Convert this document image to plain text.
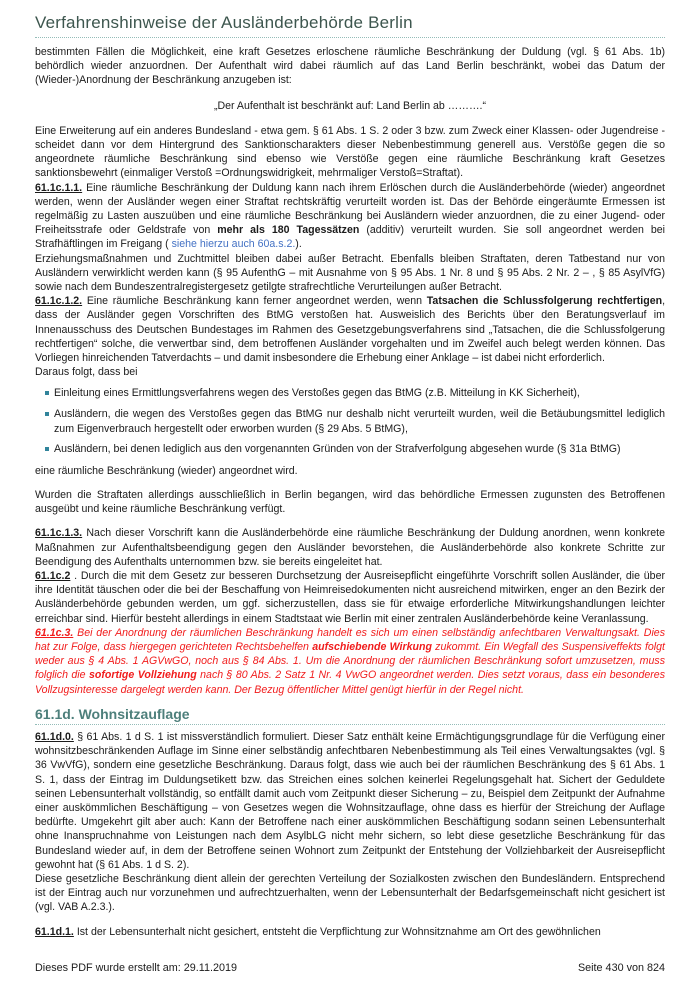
Verfahrenshinweise der Ausländerbehörde Berlin

bestimmten Fällen die Möglichkeit, eine kraft Gesetzes erloschene räumliche Beschränkung der Duldung (vgl. § 61 Abs. 1b) behördlich wieder anzuordnen. Der Aufenthalt wird dabei räumlich auf das Land Berlin beschränkt, wobei das Datum der (Wieder-)Anordnung der Beschränkung anzugeben ist:

„Der Aufenthalt ist beschränkt auf: Land Berlin ab ……….“

Eine Erweiterung auf ein anderes Bundesland - etwa gem. § 61 Abs. 1 S. 2 oder 3 bzw. zum Zweck einer Klassen- oder Jugendreise - scheidet dann vor dem Hintergrund des Sanktionscharakters dieser Nebenbestimmung generell aus. Verstöße gegen die so angeordnete räumliche Beschränkung sind ebenso wie Verstöße gegen eine räumliche Beschränkung kraft Gesetzes sanktionsbewehrt (einmaliger Verstoß =Ordnungswidrigkeit, mehrmaliger Verstoß=Straftat).

61.1c.1.1. Eine räumliche Beschränkung der Duldung kann nach ihrem Erlöschen durch die Ausländerbehörde (wieder) angeordnet werden, wenn der Ausländer wegen einer Straftat rechtskräftig verurteilt worden ist. Das der Behörde eingeräumte Ermessen ist regelmäßig zu Lasten auszuüben und eine räumliche Beschränkung bei Ausländern wieder anzuordnen, die zu einer Jugend- oder Freiheitsstrafe oder Geldstrafe von mehr als 180 Tagessätzen (additiv) verurteilt wurden. Sie soll angeordnet werden bei Strafhäftlingen im Freigang ( siehe hierzu auch 60a.s.2.).

Erziehungsmaßnahmen und Zuchtmittel bleiben dabei außer Betracht. Ebenfalls bleiben Straftaten, deren Tatbestand nur von Ausländern verwirklicht werden kann (§ 95 AufenthG – mit Ausnahme von § 95 Abs. 1 Nr. 8 und § 95 Abs. 2 Nr. 2 – , § 85 AsylVfG) sowie nach dem Bundeszentralregistergesetz getilgte strafrechtliche Verurteilungen außer Betracht.

61.1c.1.2. Eine räumliche Beschränkung kann ferner angeordnet werden, wenn Tatsachen die Schlussfolgerung rechtfertigen, dass der Ausländer gegen Vorschriften des BtMG verstoßen hat. Ausweislich des Berichts über den Beratungsverlauf im Innenausschuss des Deutschen Bundestages im Rahmen des Gesetzgebungsverfahrens sind „Tatsachen, die die Schlussfolgerung rechtfertigen“ solche, die verwertbar sind, dem betroffenen Ausländer vorgehalten und im Zweifel auch belegt werden können. Das Vorliegen hinreichenden Tatverdachts – und damit insbesondere die Erhebung einer Anklage – ist dabei nicht erforderlich.

Daraus folgt, dass bei

Einleitung eines Ermittlungsverfahrens wegen des Verstoßes gegen das BtMG (z.B. Mitteilung in KK Sicherheit),
Ausländern, die wegen des Verstoßes gegen das BtMG nur deshalb nicht verurteilt wurden, weil die Betäubungsmittel lediglich zum Eigenverbrauch hergestellt oder erworben wurden (§ 29 Abs. 5 BtMG),
Ausländern, bei denen lediglich aus den vorgenannten Gründen von der Strafverfolgung abgesehen wurde (§ 31a BtMG)

eine räumliche Beschränkung (wieder) angeordnet wird.

Wurden die Straftaten allerdings ausschließlich in Berlin begangen, wird das behördliche Ermessen zugunsten des Betroffenen ausgeübt und keine räumliche Beschränkung verfügt.

61.1c.1.3. Nach dieser Vorschrift kann die Ausländerbehörde eine räumliche Beschränkung der Duldung anordnen, wenn konkrete Maßnahmen zur Aufenthaltsbeendigung gegen den Ausländer bevorstehen, die Ausländerbehörde also konkrete Schritte zur Beendigung des Aufenthalts unternommen bzw. sie bereits eingeleitet hat.

61.1c.2 . Durch die mit dem Gesetz zur besseren Durchsetzung der Ausreisepflicht eingeführte Vorschrift sollen Ausländer, die über ihre Identität täuschen oder die bei der Beschaffung von Heimreisedokumenten nicht ausreichend mitwirken, enger an den Bezirk der Ausländerbehörde gebunden werden, um ggf. sicherzustellen, dass sie für etwaige erforderliche Mitwirkungshandlungen leichter erreichbar sind. Hierfür besteht allerdings in einem Stadtstaat wie Berlin mit einer zentralen Ausländerbehörde keine Veranlassung.

61.1c.3. Bei der Anordnung der räumlichen Beschränkung handelt es sich um einen selbständig anfechtbaren Verwaltungsakt. Dies hat zur Folge, dass hiergegen gerichteten Rechtsbehelfen aufschiebende Wirkung zukommt. Ein Wegfall des Suspensiveffekts folgt weder aus § 4 Abs. 1 AGVwGO, noch aus § 84 Abs. 1. Um die Anordnung der räumlichen Beschränkung sofort umzusetzen, muss folglich die sofortige Vollziehung nach § 80 Abs. 2 Satz 1 Nr. 4 VwGO angeordnet werden. Dies setzt voraus, dass ein besonderes Vollzugsinteresse dargelegt werden kann. Der Bezug öffentlicher Mittel genügt hierfür in der Regel nicht.

61.1d. Wohnsitzauflage

61.1d.0. § 61 Abs. 1 d S. 1 ist missverständlich formuliert. Dieser Satz enthält keine Ermächtigungsgrundlage für die Verfügung einer wohnsitzbeschränkenden Auflage im Sinne einer selbständig anfechtbaren Nebenbestimmung als Teil eines Verwaltungsaktes (vgl. § 36 VwVfG), sondern eine gesetzliche Beschränkung. Daraus folgt, dass wie auch bei der räumlichen Beschränkung des § 61 Abs. 1 S. 1, dass der Eintrag im Duldungsetikett bzw. das Streichen eines solchen keinerlei Regelungsgehalt hat. Sichert der Geduldete seinen Lebensunterhalt vollständig, so entfällt damit auch vom Zeitpunkt dieser Sicherung – zu, Beispiel dem Zeitpunkt der Aufnahme einer auskömmlichen Beschäftigung – von Gesetzes wegen die Wohnsitzauflage, ohne dass es hierfür der Streichung der Auflage bedürfte. Umgekehrt gilt aber auch: Kann der Betroffene nach einer auskömmlichen Beschäftigung sodann seinen Lebensunterhalt ohne Inanspruchnahme von Leistungen nach dem AsylbLG nicht mehr sichern, so lebt diese gesetzliche Beschränkung für das Bundesland wieder auf, in dem der Betroffene seinen Wohnort zum Zeitpunkt der Entstehung der Vollziehbarkeit der Ausreisepflicht gewohnt hat (§ 61 Abs. 1 d S. 2).

Diese gesetzliche Beschränkung dient allein der gerechten Verteilung der Sozialkosten zwischen den Bundesländern. Entsprechend ist der Eintrag auch nur vorzunehmen und aufrechtzuerhalten, wenn der Lebensunterhalt der Bedarfsgemeinschaft nicht gesichert ist (vgl. VAB A.2.3.).

61.1d.1. Ist der Lebensunterhalt nicht gesichert, entsteht die Verpflichtung zur Wohnsitznahme am Ort des gewöhnlichen

Dieses PDF wurde erstellt am: 29.11.2019	Seite 430 von 824
